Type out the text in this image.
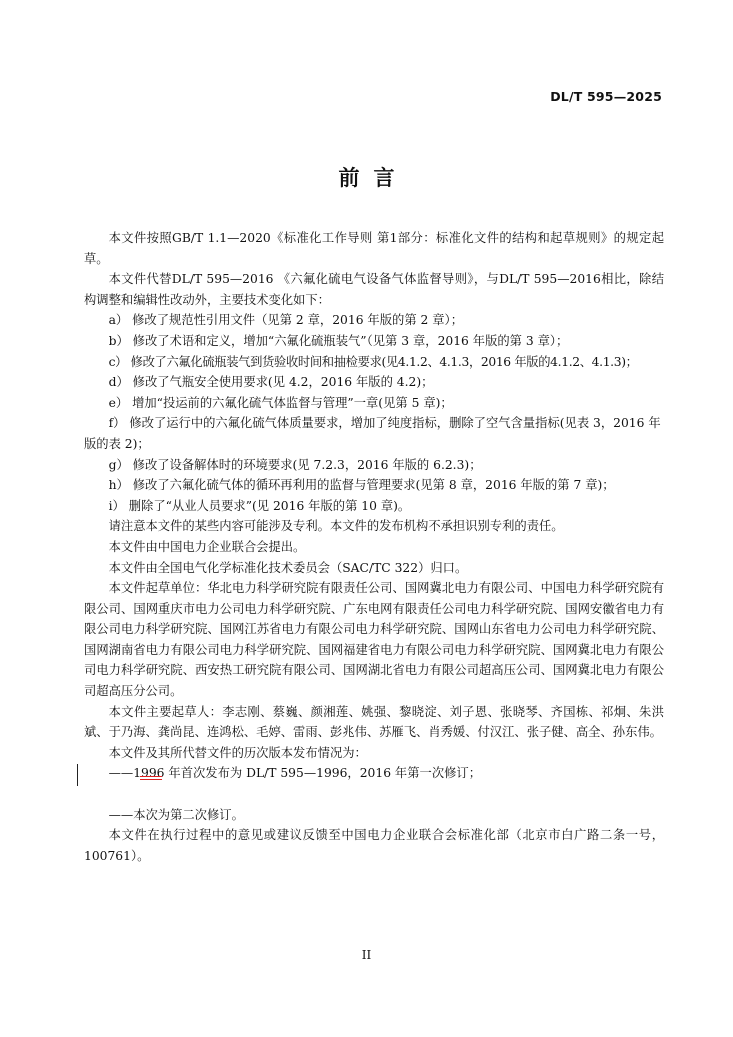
DL/T 595—2025
前言

本文件按照GB/T 1.1—2020《标准化工作导则 第1部分：标准化文件的结构和起草规则》的规定起草。

本文件代替DL/T 595—2016 《六氟化硫电气设备气体监督导则》，与DL/T 595—2016相比，除结构调整和编辑性改动外，主要技术变化如下：

a） 修改了规范性引用文件（见第 2 章，2016 年版的第 2 章）；
b） 修改了术语和定义，增加“六氟化硫瓶装气”（见第 3 章，2016 年版的第 3 章）；
c） 修改了六氟化硫瓶装气到货验收时间和抽检要求(见4.1.2、4.1.3，2016 年版的4.1.2、4.1.3)；
d） 修改了气瓶安全使用要求(见 4.2，2016 年版的 4.2)；
e） 增加“投运前的六氟化硫气体监督与管理”一章(见第 5 章)；
f） 修改了运行中的六氟化硫气体质量要求，增加了纯度指标，删除了空气含量指标(见表 3，2016 年版的表 2)；
g） 修改了设备解体时的环境要求(见 7.2.3，2016 年版的 6.2.3)；
h） 修改了六氟化硫气体的循环再利用的监督与管理要求(见第 8 章，2016 年版的第 7 章)；
i） 删除了“从业人员要求”(见 2016 年版的第 10 章)。

请注意本文件的某些内容可能涉及专利。本文件的发布机构不承担识别专利的责任。

本文件由中国电力企业联合会提出。

本文件由全国电气化学标准化技术委员会（SAC/TC 322）归口。

本文件起草单位：华北电力科学研究院有限责任公司、国网冀北电力有限公司、中国电力科学研究院有限公司、国网重庆市电力公司电力科学研究院、广东电网有限责任公司电力科学研究院、国网安徽省电力有限公司电力科学研究院、国网江苏省电力有限公司电力科学研究院、国网山东省电力公司电力科学研究院、国网湖南省电力有限公司电力科学研究院、国网福建省电力有限公司电力科学研究院、国网冀北电力有限公司电力科学研究院、西安热工研究院有限公司、国网湖北省电力有限公司超高压公司、国网冀北电力有限公司超高压分公司。

本文件主要起草人：李志刚、蔡巍、颜湘莲、姚强、黎晓淀、刘子恩、张晓琴、齐国栋、祁炯、朱洪斌、于乃海、龚尚昆、连鸿松、毛婷、雷雨、彭兆伟、苏雁飞、肖秀媛、付汉江、张子健、高全、孙东伟。

本文件及其所代替文件的历次版本发布情况为：

——1996 年首次发布为 DL/T 595—1996，2016 年第一次修订；
——本次为第二次修订。

本文件在执行过程中的意见或建议反馈至中国电力企业联合会标准化部（北京市白广路二条一号，100761）。

II
